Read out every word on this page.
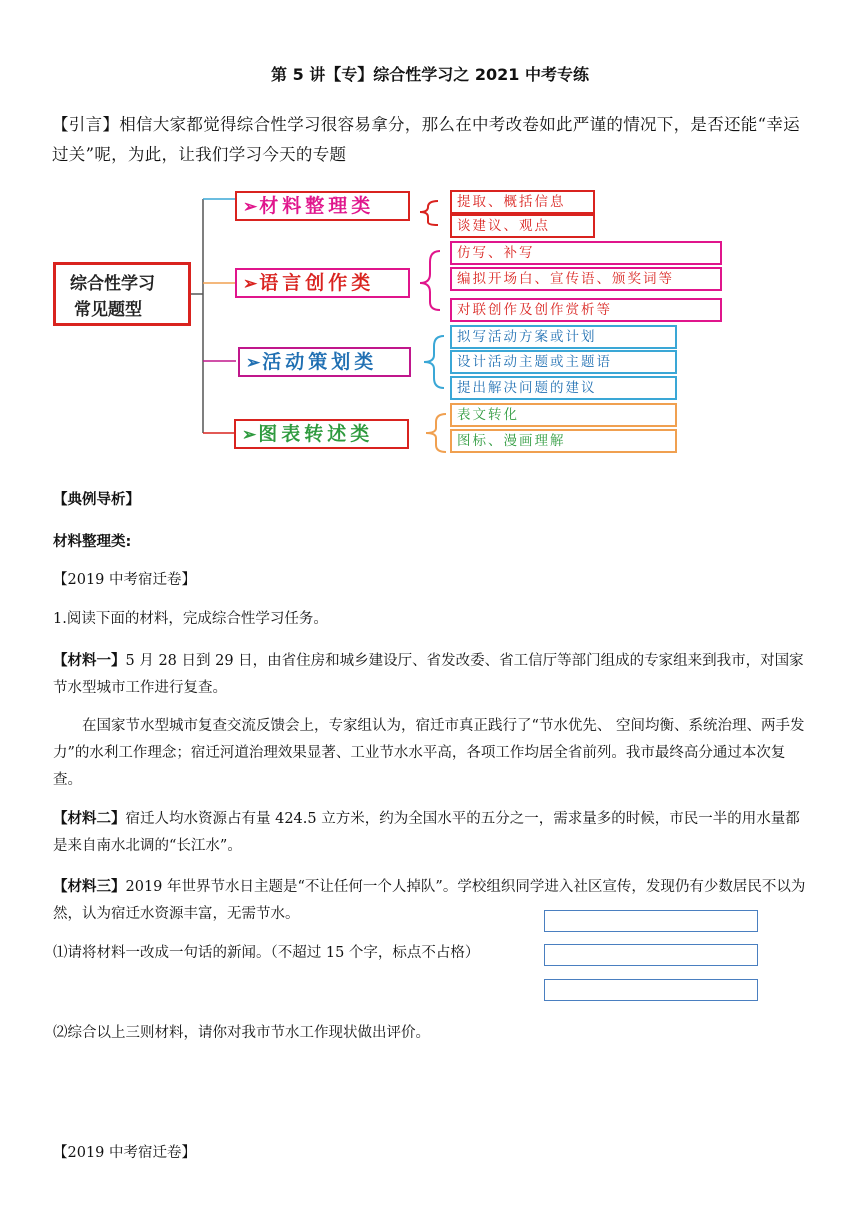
第 5 讲【专】综合性学习之 2021 中考专练
【引言】相信大家都觉得综合性学习很容易拿分，那么在中考改卷如此严谨的情况下，是否还能“幸运过关”呢，为此，让我们学习今天的专题
综合性学习
常见题型
➢ 材料整理类	提取、概括信息
谈建议、观点
➢ 语言创作类
仿写、补写
编拟开场白、宣传语、颁奖词等
对联创作及创作赏析等
➢ 活动策划类
拟写活动方案或计划
设计活动主题或主题语
提出解决问题的建议
➢ 图表转述类
表文转化
图标、漫画理解
【典例导析】
材料整理类:
【2019 中考宿迁卷】
1.阅读下面的材料，完成综合性学习任务。
【材料一】5 月 28 日到 29 日，由省住房和城乡建设厅、省发改委、省工信厅等部门组成的专家组来到我市，对国家节水型城市工作进行复查。
在国家节水型城市复查交流反馈会上，专家组认为，宿迁市真正践行了“节水优先、 空间均衡、系统治理、两手发力”的水利工作理念；宿迁河道治理效果显著、工业节水水平高，各项工作均居全省前列。我市最终高分通过本次复查。
【材料二】宿迁人均水资源占有量 424.5 立方米，约为全国水平的五分之一，需求量多的时候，市民一半的用水量都是来自南水北调的“长江水”。
【材料三】2019 年世界节水日主题是“不让任何一个人掉队”。学校组织同学进入社区宣传，发现仍有少数居民不以为然，认为宿迁水资源丰富，无需节水。
⑴请将材料一改成一句话的新闻。（不超过 15 个字，标点不占格）
⑵综合以上三则材料，请你对我市节水工作现状做出评价。
【2019 中考宿迁卷】
